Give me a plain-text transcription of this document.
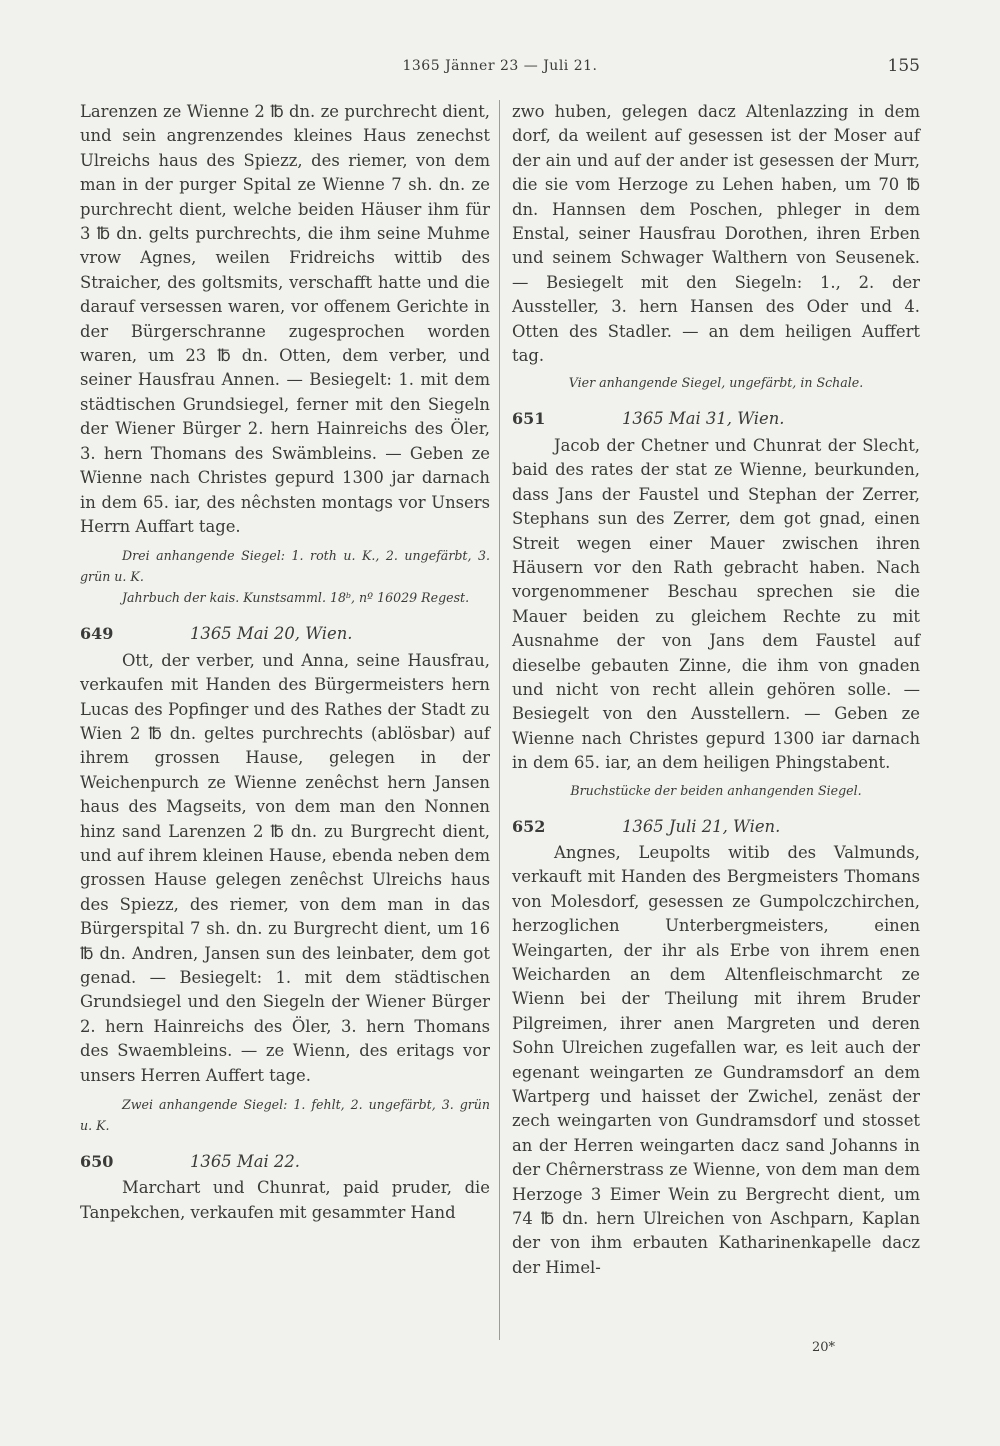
1365 Jänner 23 — Juli 21.	155

Larenzen ze Wienne 2 ℔ dn. ze purchrecht dient, und sein angrenzendes kleines Haus zenechst Ulreichs haus des Spiezz, des riemer, von dem man in der purger Spital ze Wienne 7 sh. dn. ze purchrecht dient, welche beiden Häuser ihm für 3 ℔ dn. gelts purchrechts, die ihm seine Muhme vrow Agnes, weilen Fridreichs wittib des Straicher, des goltsmits, verschafft hatte und die darauf versessen waren, vor offenem Gerichte in der Bürgerschranne zugesprochen worden waren, um 23 ℔ dn. Otten, dem verber, und seiner Hausfrau Annen. — Besiegelt: 1. mit dem städtischen Grundsiegel, ferner mit den Siegeln der Wiener Bürger 2. hern Hainreichs des Öler, 3. hern Thomans des Swämbleins. — Geben ze Wienne nach Christes gepurd 1300 jar darnach in dem 65. iar, des nêchsten montags vor Unsers Herrn Auffart tage.

Drei anhangende Siegel: 1. roth u. K., 2. ungefärbt, 3. grün u. K.

Jahrbuch der kais. Kunstsamml. 18ᵇ, nº 16029 Regest.

649	1365 Mai 20, Wien.

Ott, der verber, und Anna, seine Hausfrau, verkaufen mit Handen des Bürgermeisters hern Lucas des Popfinger und des Rathes der Stadt zu Wien 2 ℔ dn. geltes purchrechts (ablösbar) auf ihrem grossen Hause, gelegen in der Weichenpurch ze Wienne zenêchst hern Jansen haus des Magseits, von dem man den Nonnen hinz sand Larenzen 2 ℔ dn. zu Burgrecht dient, und auf ihrem kleinen Hause, ebenda neben dem grossen Hause gelegen zenêchst Ulreichs haus des Spiezz, des riemer, von dem man in das Bürgerspital 7 sh. dn. zu Burgrecht dient, um 16 ℔ dn. Andren, Jansen sun des leinbater, dem got genad. — Besiegelt: 1. mit dem städtischen Grundsiegel und den Siegeln der Wiener Bürger 2. hern Hainreichs des Öler, 3. hern Thomans des Swaembleins. — ze Wienn, des eritags vor unsers Herren Auffert tage.

Zwei anhangende Siegel: 1. fehlt, 2. ungefärbt, 3. grün u. K.

650	1365 Mai 22.

Marchart und Chunrat, paid pruder, die Tanpekchen, verkaufen mit gesammter Hand

zwo huben, gelegen dacz Altenlazzing in dem dorf, da weilent auf gesessen ist der Moser auf der ain und auf der ander ist gesessen der Murr, die sie vom Herzoge zu Lehen haben, um 70 ℔ dn. Hannsen dem Poschen, phleger in dem Enstal, seiner Hausfrau Dorothen, ihren Erben und seinem Schwager Walthern von Seusenek. — Besiegelt mit den Siegeln: 1., 2. der Aussteller, 3. hern Hansen des Oder und 4. Otten des Stadler. — an dem heiligen Auffert tag.

Vier anhangende Siegel, ungefärbt, in Schale.

651	1365 Mai 31, Wien.

Jacob der Chetner und Chunrat der Slecht, baid des rates der stat ze Wienne, beurkunden, dass Jans der Faustel und Stephan der Zerrer, Stephans sun des Zerrer, dem got gnad, einen Streit wegen einer Mauer zwischen ihren Häusern vor den Rath gebracht haben. Nach vorgenommener Beschau sprechen sie die Mauer beiden zu gleichem Rechte zu mit Ausnahme der von Jans dem Faustel auf dieselbe gebauten Zinne, die ihm von gnaden und nicht von recht allein gehören solle. — Besiegelt von den Ausstellern. — Geben ze Wienne nach Christes gepurd 1300 iar darnach in dem 65. iar, an dem heiligen Phingstabent.

Bruchstücke der beiden anhangenden Siegel.

652	1365 Juli 21, Wien.

Angnes, Leupolts witib des Valmunds, verkauft mit Handen des Bergmeisters Thomans von Molesdorf, gesessen ze Gumpolczchirchen, herzoglichen Unterbergmeisters, einen Weingarten, der ihr als Erbe von ihrem enen Weicharden an dem Altenfleischmarcht ze Wienn bei der Theilung mit ihrem Bruder Pilgreimen, ihrer anen Margreten und deren Sohn Ulreichen zugefallen war, es leit auch der egenant weingarten ze Gundramsdorf an dem Wartperg und haisset der Zwichel, zenäst der zech weingarten von Gundramsdorf und stosset an der Herren weingarten dacz sand Johanns in der Chêrnerstrass ze Wienne, von dem man dem Herzoge 3 Eimer Wein zu Bergrecht dient, um 74 ℔ dn. hern Ulreichen von Aschparn, Kaplan der von ihm erbauten Katharinenkapelle dacz der Himel-

20*
